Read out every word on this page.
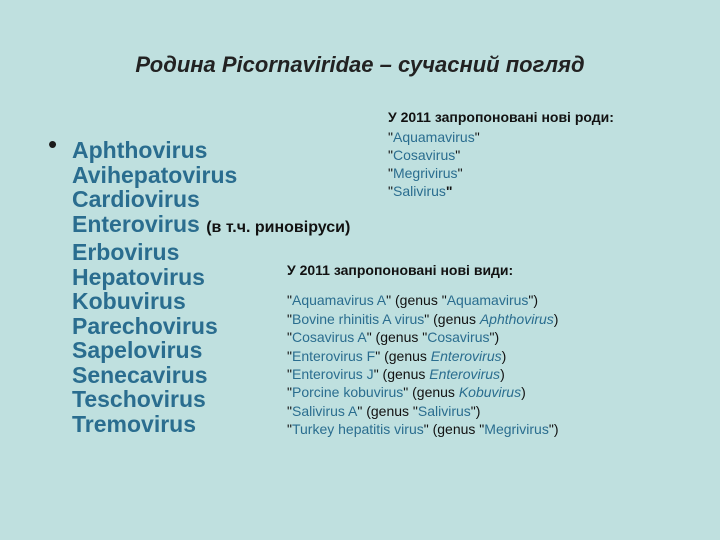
Родина Picornaviridae – сучасний погляд
• Aphthovirus
Avihepatovirus
Cardiovirus
Enterovirus (в т.ч. риновіруси)
Erbovirus
Hepatovirus
Kobuvirus
Parechovirus
Sapelovirus
Senecavirus
Teschovirus
Tremovirus
У 2011 запропоновані нові роди:
"Aquamavirus"
"Cosavirus"
"Megrivirus"
"Salivirus"
У 2011 запропоновані нові види:
"Aquamavirus A" (genus "Aquamavirus")
"Bovine rhinitis A virus" (genus Aphthovirus)
"Cosavirus A" (genus "Cosavirus")
"Enterovirus F" (genus Enterovirus)
"Enterovirus J" (genus Enterovirus)
"Porcine kobuvirus" (genus Kobuvirus)
"Salivirus A" (genus "Salivirus")
"Turkey hepatitis virus" (genus "Megrivirus")
